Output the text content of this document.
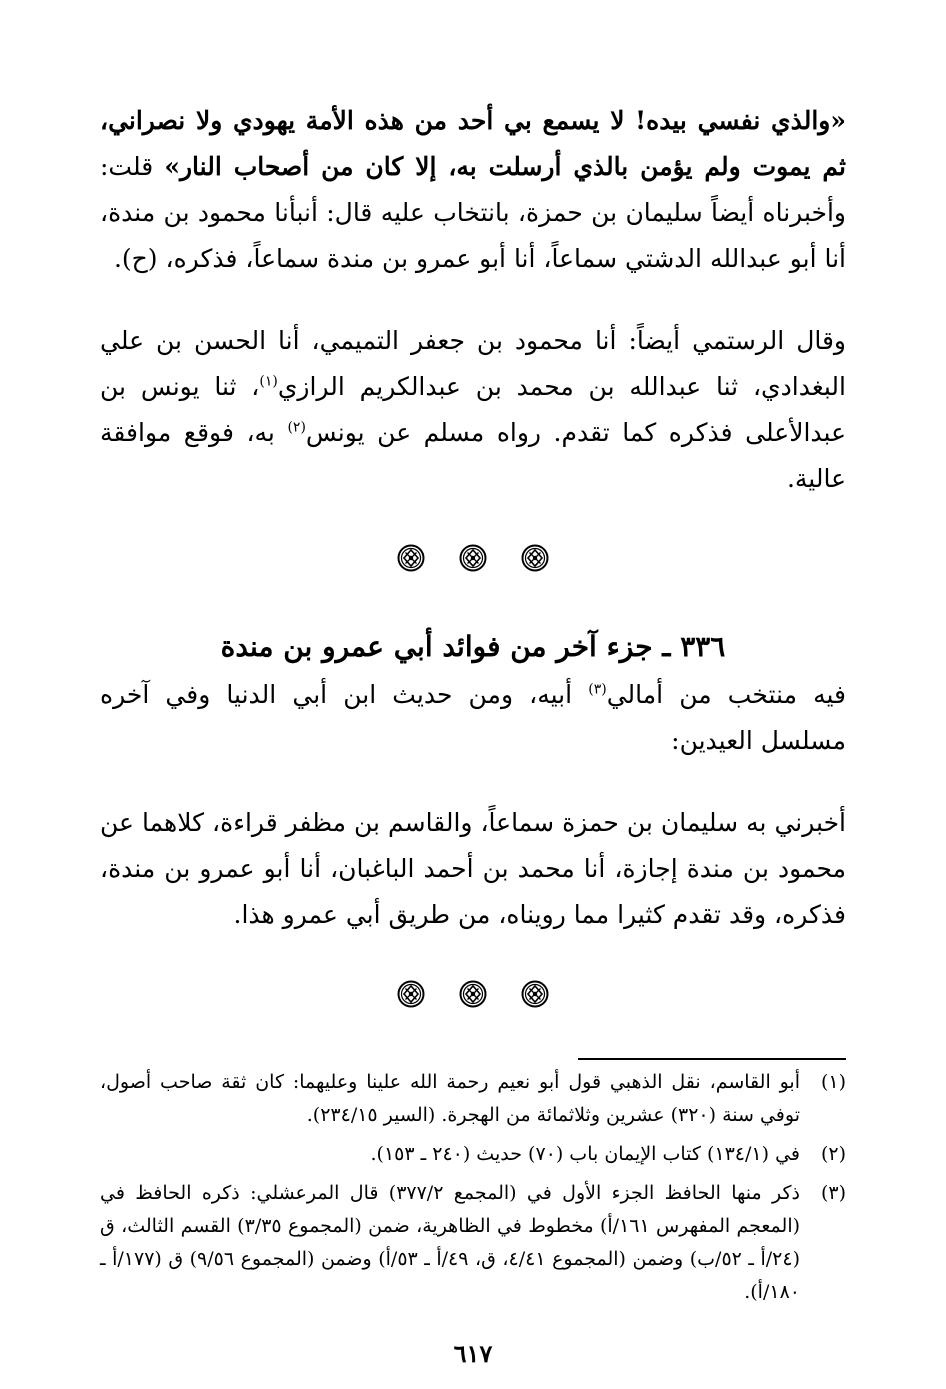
«والذي نفسي بيده! لا يسمع بي أحد من هذه الأمة يهودي ولا نصراني، ثم يموت ولم يؤمن بالذي أرسلت به، إلا كان من أصحاب النار» قلت: وأخبرناه أيضاً سليمان بن حمزة، بانتخاب عليه قال: أنبأنا محمود بن مندة، أنا أبو عبدالله الدشتي سماعاً، أنا أبو عمرو بن مندة سماعاً، فذكره، (ح).

وقال الرستمي أيضاً: أنا محمود بن جعفر التميمي، أنا الحسن بن علي البغدادي، ثنا عبدالله بن محمد بن عبدالكريم الرازي$^{(١)}$، ثنا يونس بن عبدالأعلى فذكره كما تقدم. رواه مسلم عن يونس$^{(٢)}$ به، فوقع موافقة عالية.

٣٣٦ ـ جزء آخر من فوائد أبي عمرو بن مندة

فيه منتخب من أمالي$^{(٣)}$ أبيه، ومن حديث ابن أبي الدنيا وفي آخره مسلسل العيدين:

أخبرني به سليمان بن حمزة سماعاً، والقاسم بن مظفر قراءة، كلاهما عن محمود بن مندة إجازة، أنا محمد بن أحمد الباغبان، أنا أبو عمرو بن مندة، فذكره، وقد تقدم كثيرا مما رويناه، من طريق أبي عمرو هذا.

(١)
أبو القاسم، نقل الذهبي قول أبو نعيم رحمة الله علينا وعليهما: كان ثقة صاحب أصول، توفي سنة (٣٢٠) عشرين وثلاثمائة من الهجرة. (السير ٢٣٤/١٥).
(٢)
في (١٣٤/١) كتاب الإيمان باب (٧٠) حديث (٢٤٠ ـ ١٥٣).
(٣)
ذكر منها الحافظ الجزء الأول في (المجمع ٣٧٧/٢) قال المرعشلي: ذكره الحافظ في (المعجم المفهرس ١٦١/أ) مخطوط في الظاهرية، ضمن (المجموع ٣/٣٥) القسم الثالث، ق (٢٤/أ ـ ٥٢/ب) وضمن (المجموع ٤/٤١، ق، ٤٩/أ ـ ٥٣/أ) وضمن (المجموع ٩/٥٦) ق (١٧٧/أ ـ ١٨٠/أ).
٦١٧
